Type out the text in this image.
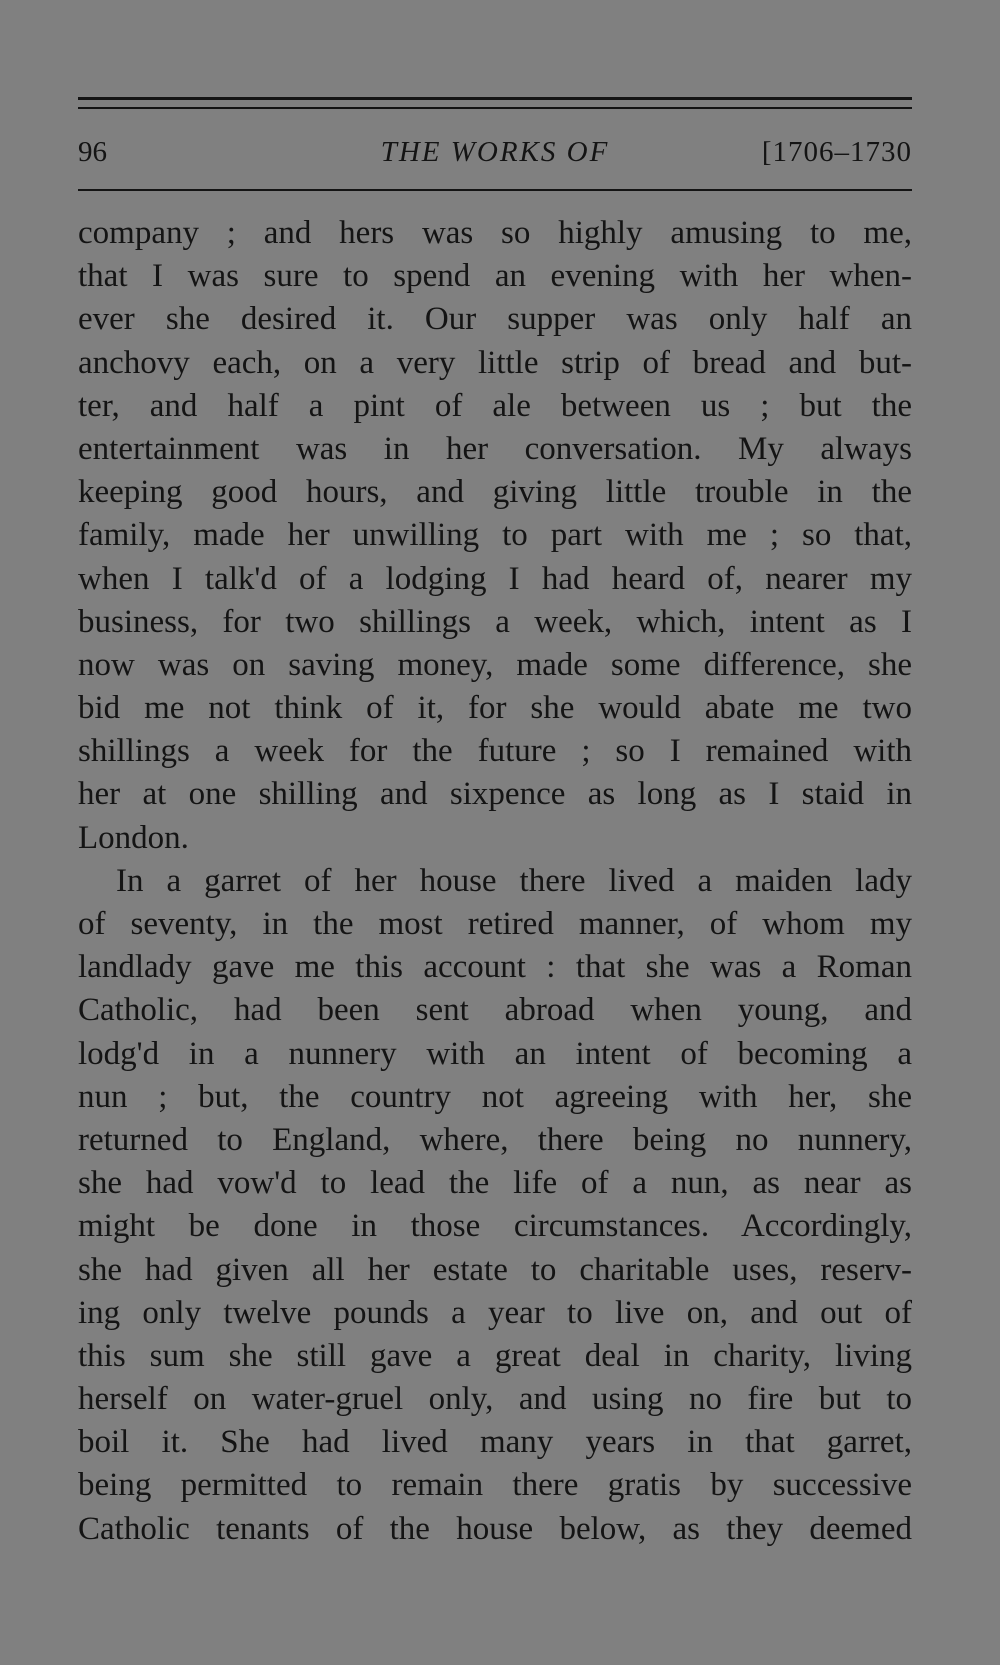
96	THE WORKS OF	[1706–1730
company ; and hers was so highly amusing to me,
that I was sure to spend an evening with her when-
ever she desired it. Our supper was only half an
anchovy each, on a very little strip of bread and but-
ter, and half a pint of ale between us ; but the
entertainment was in her conversation. My always
keeping good hours, and giving little trouble in the
family, made her unwilling to part with me ; so that,
when I talk'd of a lodging I had heard of, nearer my
business, for two shillings a week, which, intent as I
now was on saving money, made some difference, she
bid me not think of it, for she would abate me two
shillings a week for the future ; so I remained with
her at one shilling and sixpence as long as I staid in
London.
In a garret of her house there lived a maiden lady
of seventy, in the most retired manner, of whom my
landlady gave me this account : that she was a Roman
Catholic, had been sent abroad when young, and
lodg'd in a nunnery with an intent of becoming a
nun ; but, the country not agreeing with her, she
returned to England, where, there being no nunnery,
she had vow'd to lead the life of a nun, as near as
might be done in those circumstances. Accordingly,
she had given all her estate to charitable uses, reserv-
ing only twelve pounds a year to live on, and out of
this sum she still gave a great deal in charity, living
herself on water-gruel only, and using no fire but to
boil it. She had lived many years in that garret,
being permitted to remain there gratis by successive
Catholic tenants of the house below, as they deemed
